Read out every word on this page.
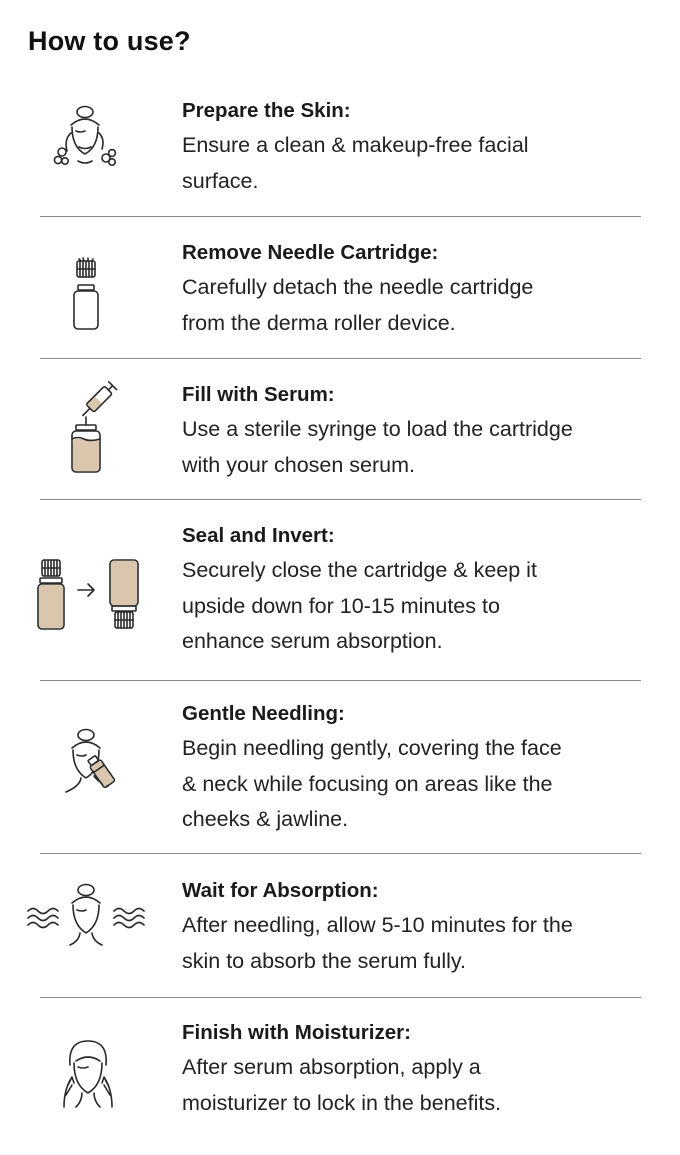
How to use?
Prepare the Skin:
Ensure a clean & makeup-free facial
surface.
Remove Needle Cartridge:
Carefully detach the needle cartridge
from the derma roller device.
Fill with Serum:
Use a sterile syringe to load the cartridge
with your chosen serum.
Seal and Invert:
Securely close the cartridge & keep it
upside down for 10-15 minutes to
enhance serum absorption.
Gentle Needling:
Begin needling gently, covering the face
& neck while focusing on areas like the
cheeks & jawline.
Wait for Absorption:
After needling, allow 5-10 minutes for the
skin to absorb the serum fully.
Finish with Moisturizer:
After serum absorption, apply a
moisturizer to lock in the benefits.
